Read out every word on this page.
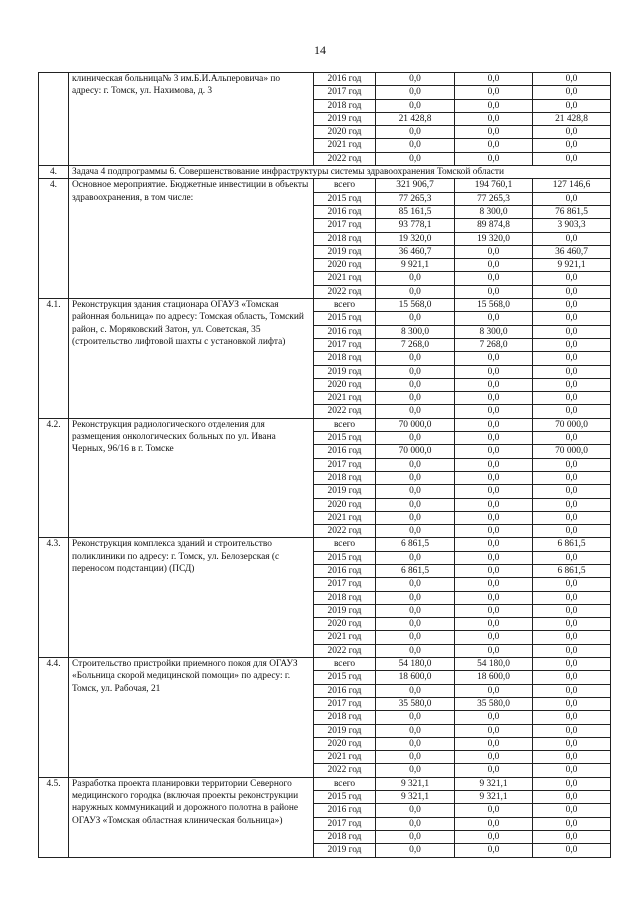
14
	клиническая больница№ 3 им.Б.И.Альперовича» по адресу: г. Томск, ул. Нахимова, д. 3	2016 год	0,0	0,0	0,0
		2017 год	0,0	0,0	0,0
		2018 год	0,0	0,0	0,0
		2019 год	21 428,8	0,0	21 428,8
		2020 год	0,0	0,0	0,0
		2021 год	0,0	0,0	0,0
		2022 год	0,0	0,0	0,0
4.	Задача 4 подпрограммы 6. Совершенствование инфраструктуры системы здравоохранения Томской области				
4.	Основное мероприятие. Бюджетные инвестиции в объекты здравоохранения, в том числе:	всего	321 906,7	194 760,1	127 146,6
		2015 год	77 265,3	77 265,3	0,0
		2016 год	85 161,5	8 300,0	76 861,5
		2017 год	93 778,1	89 874,8	3 903,3
		2018 год	19 320,0	19 320,0	0,0
		2019 год	36 460,7	0,0	36 460,7
		2020 год	9 921,1	0,0	9 921,1
		2021 год	0,0	0,0	0,0
		2022 год	0,0	0,0	0,0
4.1.	Реконструкция здания стационара ОГАУЗ «Томская районная больница» по адресу: Томская область, Томский район, с. Моряковский Затон, ул. Советская, 35 (строительство лифтовой шахты с установкой лифта)	всего	15 568,0	15 568,0	0,0
		2015 год	0,0	0,0	0,0
		2016 год	8 300,0	8 300,0	0,0
		2017 год	7 268,0	7 268,0	0,0
		2018 год	0,0	0,0	0,0
		2019 год	0,0	0,0	0,0
		2020 год	0,0	0,0	0,0
		2021 год	0,0	0,0	0,0
		2022 год	0,0	0,0	0,0
4.2.	Реконструкция радиологического отделения для размещения онкологических больных по ул. Ивана Черных, 96/16 в г. Томске	всего	70 000,0	0,0	70 000,0
		2015 год	0,0	0,0	0,0
		2016 год	70 000,0	0,0	70 000,0
		2017 год	0,0	0,0	0,0
		2018 год	0,0	0,0	0,0
		2019 год	0,0	0,0	0,0
		2020 год	0,0	0,0	0,0
		2021 год	0,0	0,0	0,0
		2022 год	0,0	0,0	0,0
4.3.	Реконструкция комплекса зданий и строительство поликлиники по адресу: г. Томск, ул. Белозерская (с переносом подстанции) (ПСД)	всего	6 861,5	0,0	6 861,5
		2015 год	0,0	0,0	0,0
		2016 год	6 861,5	0,0	6 861,5
		2017 год	0,0	0,0	0,0
		2018 год	0,0	0,0	0,0
		2019 год	0,0	0,0	0,0
		2020 год	0,0	0,0	0,0
		2021 год	0,0	0,0	0,0
		2022 год	0,0	0,0	0,0
4.4.	Строительство пристройки приемного покоя для ОГАУЗ «Больница скорой медицинской помощи» по адресу: г. Томск, ул. Рабочая, 21	всего	54 180,0	54 180,0	0,0
		2015 год	18 600,0	18 600,0	0,0
		2016 год	0,0	0,0	0,0
		2017 год	35 580,0	35 580,0	0,0
		2018 год	0,0	0,0	0,0
		2019 год	0,0	0,0	0,0
		2020 год	0,0	0,0	0,0
		2021 год	0,0	0,0	0,0
		2022 год	0,0	0,0	0,0
4.5.	Разработка проекта планировки территории Северного медицинского городка (включая проекты реконструкции наружных коммуникаций и дорожного полотна в районе ОГАУЗ «Томская областная клиническая больница»)	всего	9 321,1	9 321,1	0,0
		2015 год	9 321,1	9 321,1	0,0
		2016 год	0,0	0,0	0,0
		2017 год	0,0	0,0	0,0
		2018 год	0,0	0,0	0,0
		2019 год	0,0	0,0	0,0
